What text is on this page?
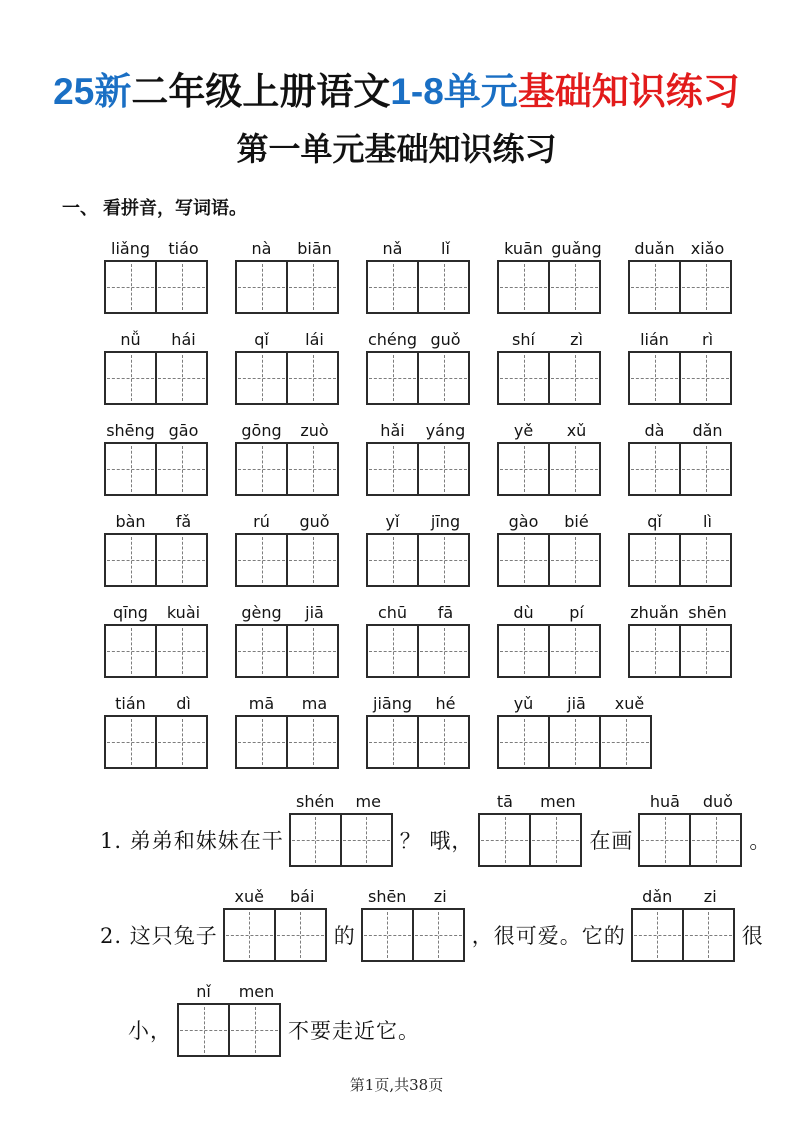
25新二年级上册语文1-8单元基础知识练习
第一单元基础知识练习
一、 看拼音，写词语。
liǎng	tiáo	nà	biān	nǎ	lǐ	kuān guǎng	duǎn	xiǎo
nǚ	hái	qǐ	lái	chéng guǒ	shí	zì	lián	rì
shēng gāo	gōng	zuò	hǎi	yáng	yě	xǔ	dà	dǎn
bàn	fǎ	rú	guǒ	yǐ	jīng	gào	bié	qǐ	lì
qīng	kuài	gèng	jiā	chū	fā	dù	pí	zhuǎn shēn
tián	dì	mā	ma	jiāng	hé	yǔ	jiā	xuě
1. 弟弟和妹妹在干
shén	me
？ 哦，
tā	men
在画
huā	duǒ
。
2. 这只兔子
xuě	bái
的
shēn	zi
，很可爱。它的
dǎn	zi
很
小，
nǐ	men
不要走近它。
第1页,共38页
